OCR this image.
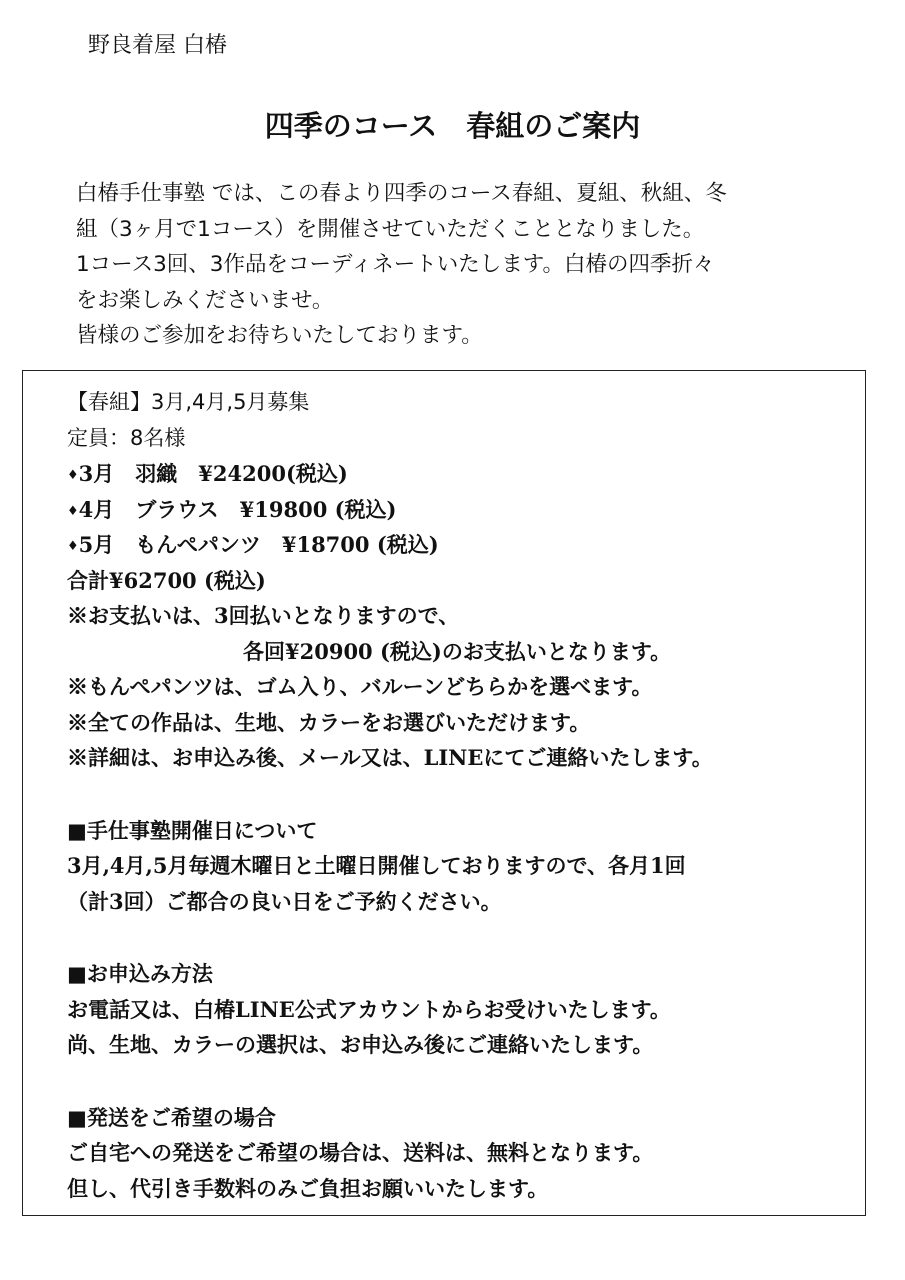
野良着屋 白椿
四季のコース　春組のご案内
白椿手仕事塾 では、この春より四季のコース春組、夏組、秋組、冬
組（3ヶ月で1コース）を開催させていただくこととなりました。
1コース3回、3作品をコーディネートいたします。白椿の四季折々
をお楽しみくださいませ。
皆様のご参加をお待ちいたしております。
【春組】3月,4月,5月募集
定員：8名様
♦3月　羽織　¥24200(税込)
♦4月　ブラウス　¥19800 (税込)
♦5月　もんぺパンツ　¥18700 (税込)
合計¥62700 (税込)
※お支払いは、3回払いとなりますので、
各回¥20900 (税込)のお支払いとなります。
※もんぺパンツは、ゴム入り、バルーンどちらかを選べます。
※全ての作品は、生地、カラーをお選びいただけます。
※詳細は、お申込み後、メール又は、LINEにてご連絡いたします。
■手仕事塾開催日について
3月,4月,5月毎週木曜日と土曜日開催しておりますので、各月1回
（計3回）ご都合の良い日をご予約ください。
■お申込み方法
お電話又は、白椿LINE公式アカウントからお受けいたします。
尚、生地、カラーの選択は、お申込み後にご連絡いたします。
■発送をご希望の場合
ご自宅への発送をご希望の場合は、送料は、無料となります。
但し、代引き手数料のみご負担お願いいたします。
